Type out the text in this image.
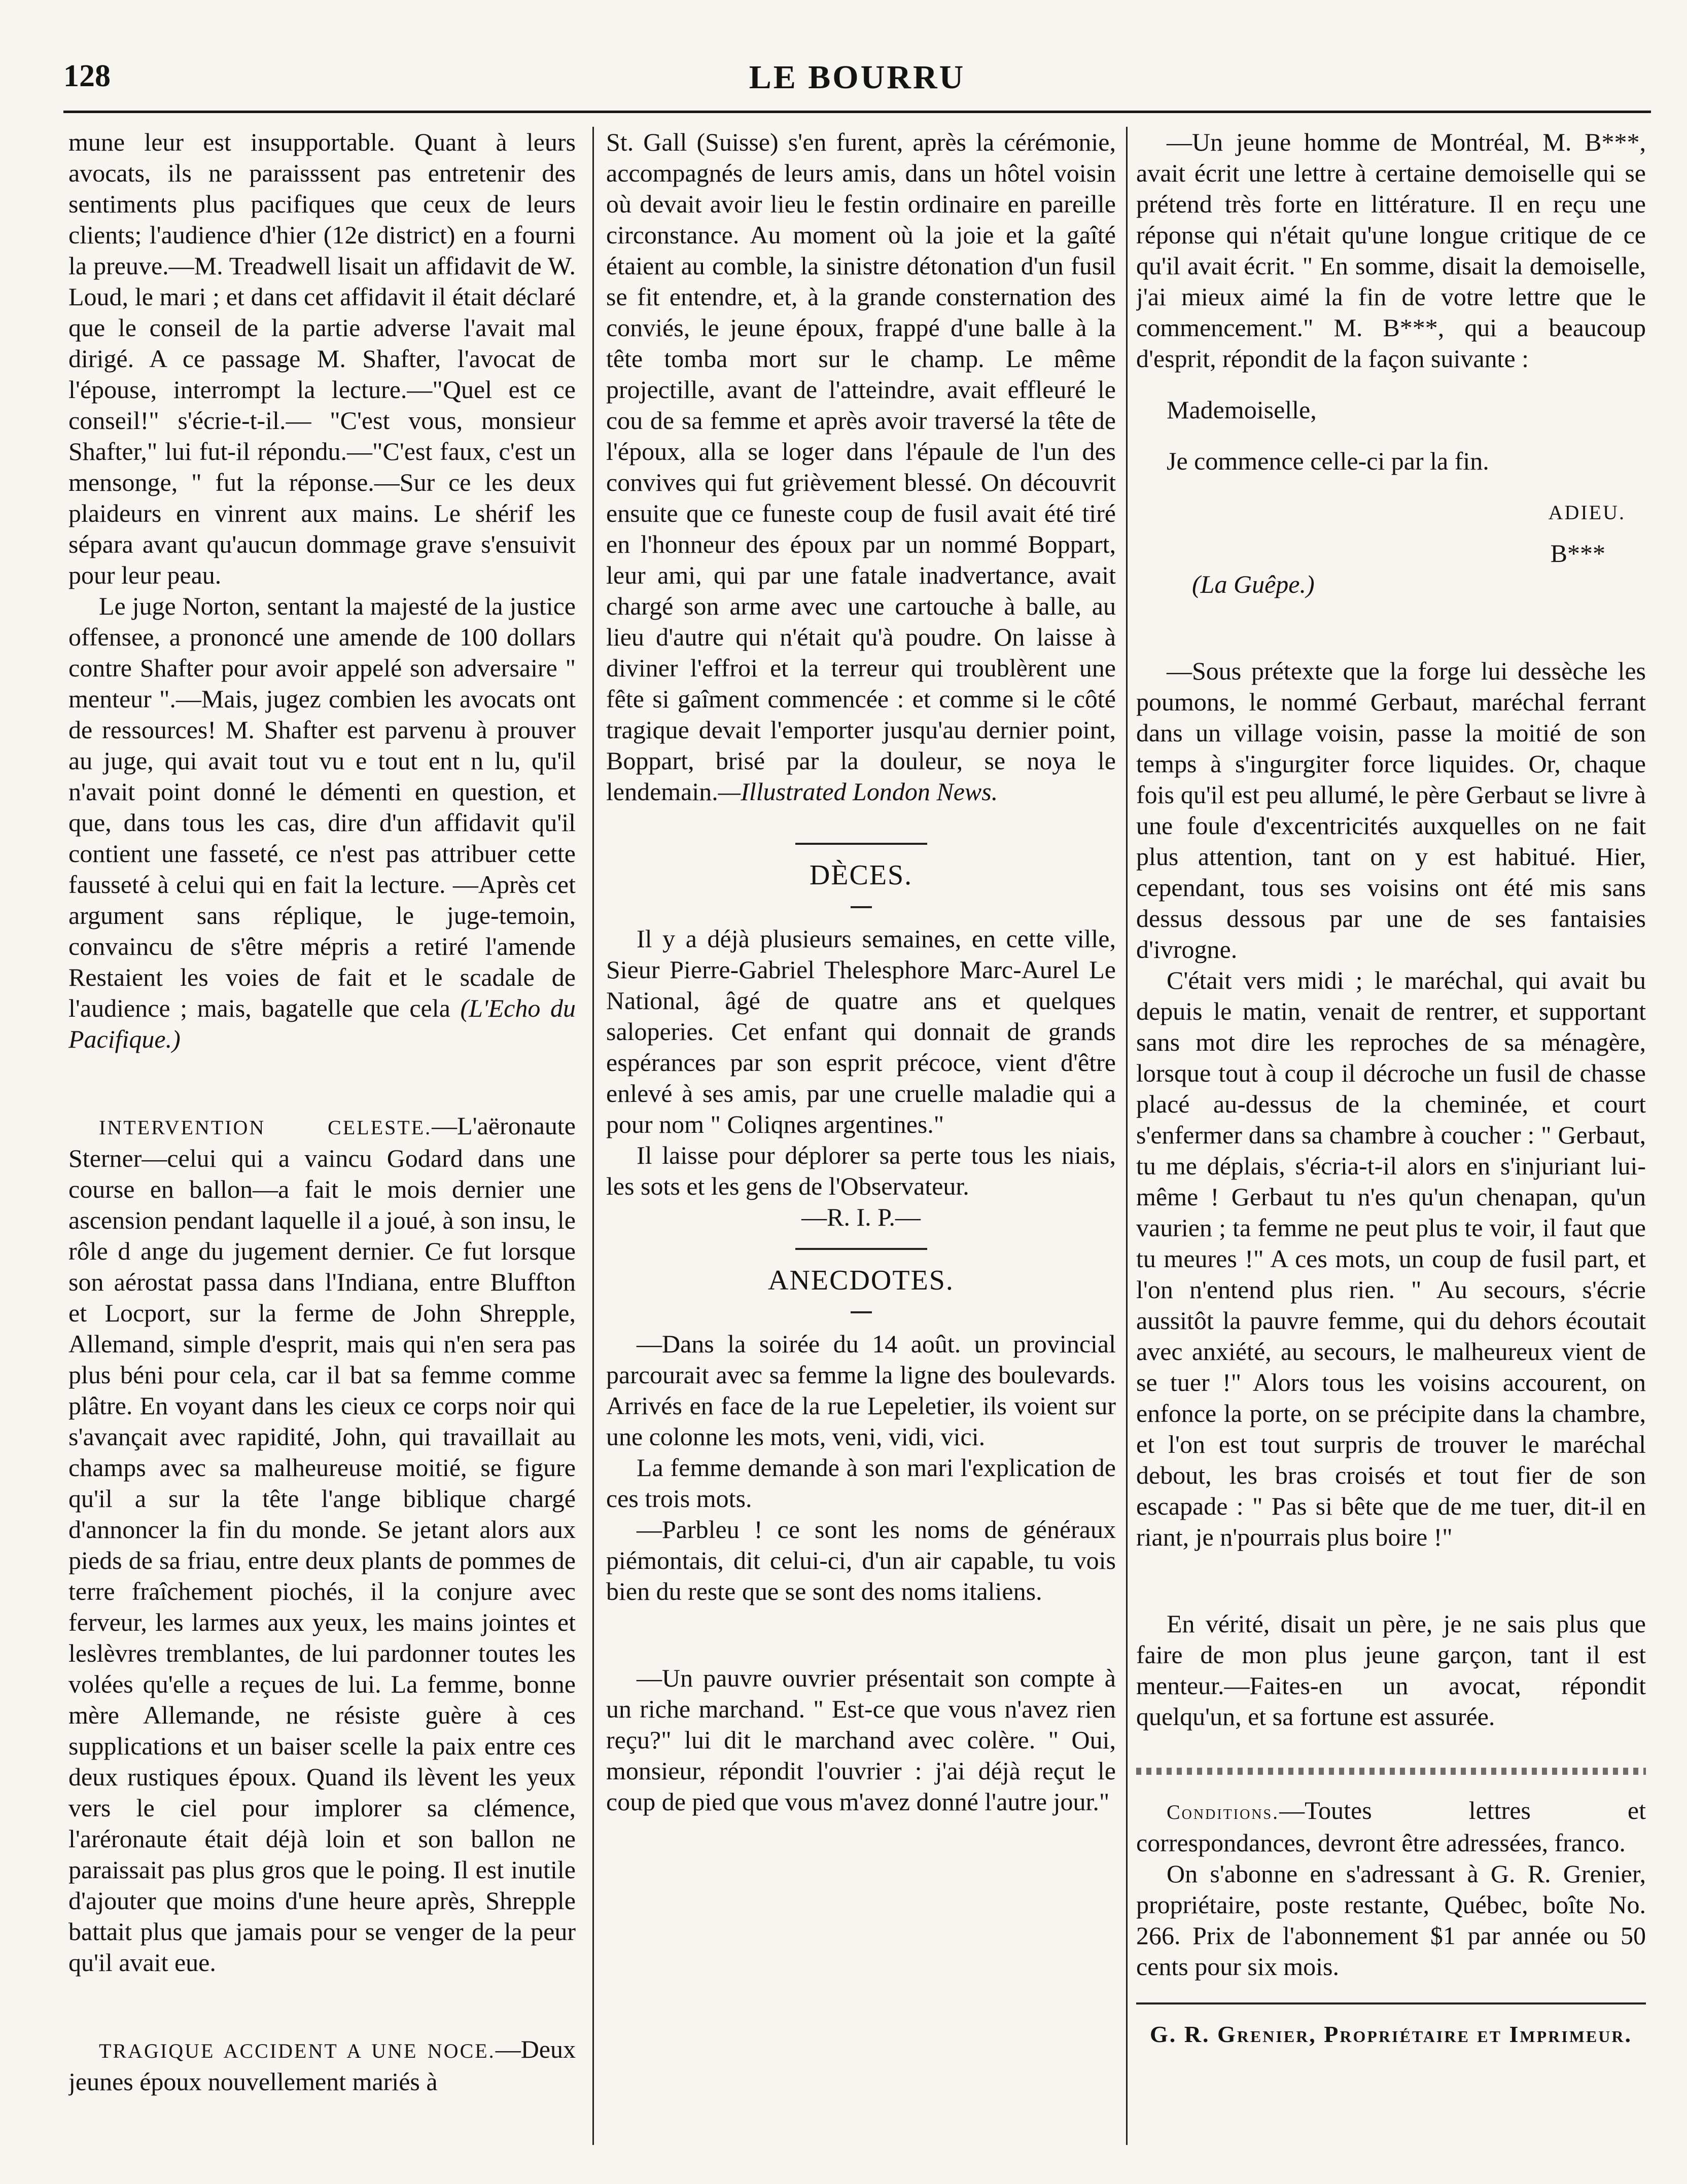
128	LE BOURRU

mune leur est insupportable. Quant à leurs avocats, ils ne paraisssent pas entretenir des sentiments plus pacifiques que ceux de leurs clients; l'audience d'hier (12e district) en a fourni la preuve.—M. Treadwell lisait un affidavit de W. Loud, le mari ; et dans cet affidavit il était déclaré que le conseil de la partie adverse l'avait mal dirigé. A ce passage M. Shafter, l'avocat de l'épouse, interrompt la lecture.—"Quel est ce conseil!" s'écrie-t-il.— "C'est vous, monsieur Shafter," lui fut-il répondu.—"C'est faux, c'est un mensonge, " fut la réponse.—Sur ce les deux plaideurs en vinrent aux mains. Le shérif les sépara avant qu'aucun dommage grave s'ensuivit pour leur peau.

Le juge Norton, sentant la majesté de la justice offensee, a prononcé une amende de 100 dollars contre Shafter pour avoir appelé son adversaire " menteur ".—Mais, jugez combien les avocats ont de ressources! M. Shafter est parvenu à prouver au juge, qui avait tout vu e tout ent n lu, qu'il n'avait point donné le démenti en question, et que, dans tous les cas, dire d'un affidavit qu'il contient une fasseté, ce n'est pas attribuer cette fausseté à celui qui en fait la lecture. —Après cet argument sans réplique, le juge-temoin, convaincu de s'être mépris a retiré l'amende Restaient les voies de fait et le scadale de l'audience ; mais, bagatelle que cela (L'Echo du Pacifique.)

INTERVENTION CELESTE.—L'aëronaute Sterner—celui qui a vaincu Godard dans une course en ballon—a fait le mois dernier une ascension pendant laquelle il a joué, à son insu, le rôle d ange du jugement dernier. Ce fut lorsque son aérostat passa dans l'Indiana, entre Bluffton et Locport, sur la ferme de John Shrepple, Allemand, simple d'esprit, mais qui n'en sera pas plus béni pour cela, car il bat sa femme comme plâtre. En voyant dans les cieux ce corps noir qui s'avançait avec rapidité, John, qui travaillait au champs avec sa malheureuse moitié, se figure qu'il a sur la tête l'ange biblique chargé d'annoncer la fin du monde. Se jetant alors aux pieds de sa friau, entre deux plants de pommes de terre fraîchement piochés, il la conjure avec ferveur, les larmes aux yeux, les mains jointes et leslèvres tremblantes, de lui pardonner toutes les volées qu'elle a reçues de lui. La femme, bonne mère Allemande, ne résiste guère à ces supplications et un baiser scelle la paix entre ces deux rustiques époux. Quand ils lèvent les yeux vers le ciel pour implorer sa clémence, l'aréronaute était déjà loin et son ballon ne paraissait pas plus gros que le poing. Il est inutile d'ajouter que moins d'une heure après, Shrepple battait plus que jamais pour se venger de la peur qu'il avait eue.

TRAGIQUE ACCIDENT A UNE NOCE.—Deux jeunes époux nouvellement mariés à

St. Gall (Suisse) s'en furent, après la cérémonie, accompagnés de leurs amis, dans un hôtel voisin où devait avoir lieu le festin ordinaire en pareille circonstance. Au moment où la joie et la gaîté étaient au comble, la sinistre détonation d'un fusil se fit entendre, et, à la grande consternation des conviés, le jeune époux, frappé d'une balle à la tête tomba mort sur le champ. Le même projectille, avant de l'atteindre, avait effleuré le cou de sa femme et après avoir traversé la tête de l'époux, alla se loger dans l'épaule de l'un des convives qui fut grièvement blessé. On découvrit ensuite que ce funeste coup de fusil avait été tiré en l'honneur des époux par un nommé Boppart, leur ami, qui par une fatale inadvertance, avait chargé son arme avec une cartouche à balle, au lieu d'autre qui n'était qu'à poudre. On laisse à diviner l'effroi et la terreur qui troublèrent une fête si gaîment commencée : et comme si le côté tragique devait l'emporter jusqu'au dernier point, Boppart, brisé par la douleur, se noya le lendemain.—Illustrated London News.

DÈCES.

Il y a déjà plusieurs semaines, en cette ville, Sieur Pierre-Gabriel Thelesphore Marc-Aurel Le National, âgé de quatre ans et quelques saloperies. Cet enfant qui donnait de grands espérances par son esprit précoce, vient d'être enlevé à ses amis, par une cruelle maladie qui a pour nom " Coliqnes argentines."

Il laisse pour déplorer sa perte tous les niais, les sots et les gens de l'Observateur.

—R. I. P.—

ANECDOTES.

—Dans la soirée du 14 août. un provincial parcourait avec sa femme la ligne des boulevards. Arrivés en face de la rue Lepeletier, ils voient sur une colonne les mots, veni, vidi, vici.

La femme demande à son mari l'explication de ces trois mots.

—Parbleu ! ce sont les noms de généraux piémontais, dit celui-ci, d'un air capable, tu vois bien du reste que se sont des noms italiens.

—Un pauvre ouvrier présentait son compte à un riche marchand. " Est-ce que vous n'avez rien reçu?" lui dit le marchand avec colère. " Oui, monsieur, répondit l'ouvrier : j'ai déjà reçut le coup de pied que vous m'avez donné l'autre jour."

—Un jeune homme de Montréal, M. B***, avait écrit une lettre à certaine demoiselle qui se prétend très forte en littérature. Il en reçu une réponse qui n'était qu'une longue critique de ce qu'il avait écrit. " En somme, disait la demoiselle, j'ai mieux aimé la fin de votre lettre que le commencement." M. B***, qui a beaucoup d'esprit, répondit de la façon suivante :

Mademoiselle,

Je commence celle-ci par la fin.

ADIEU.

B***

(La Guêpe.)

—Sous prétexte que la forge lui dessèche les poumons, le nommé Gerbaut, maréchal ferrant dans un village voisin, passe la moitié de son temps à s'ingurgiter force liquides. Or, chaque fois qu'il est peu allumé, le père Gerbaut se livre à une foule d'excentricités auxquelles on ne fait plus attention, tant on y est habitué. Hier, cependant, tous ses voisins ont été mis sans dessus dessous par une de ses fantaisies d'ivrogne.

C'était vers midi ; le maréchal, qui avait bu depuis le matin, venait de rentrer, et supportant sans mot dire les reproches de sa ménagère, lorsque tout à coup il décroche un fusil de chasse placé au-dessus de la cheminée, et court s'enfermer dans sa chambre à coucher : " Gerbaut, tu me déplais, s'écria-t-il alors en s'injuriant lui-même ! Gerbaut tu n'es qu'un chenapan, qu'un vaurien ; ta femme ne peut plus te voir, il faut que tu meures !" A ces mots, un coup de fusil part, et l'on n'entend plus rien. " Au secours, s'écrie aussitôt la pauvre femme, qui du dehors écoutait avec anxiété, au secours, le malheureux vient de se tuer !" Alors tous les voisins accourent, on enfonce la porte, on se précipite dans la chambre, et l'on est tout surpris de trouver le maréchal debout, les bras croisés et tout fier de son escapade : " Pas si bête que de me tuer, dit-il en riant, je n'pourrais plus boire !"

En vérité, disait un père, je ne sais plus que faire de mon plus jeune garçon, tant il est menteur.—Faites-en un avocat, répondit quelqu'un, et sa fortune est assurée.

Conditions.—Toutes lettres et correspondances, devront être adressées, franco.

On s'abonne en s'adressant à G. R. Grenier, propriétaire, poste restante, Québec, boîte No. 266. Prix de l'abonnement $1 par année ou 50 cents pour six mois.

G. R. Grenier, Propriétaire et Imprimeur.
